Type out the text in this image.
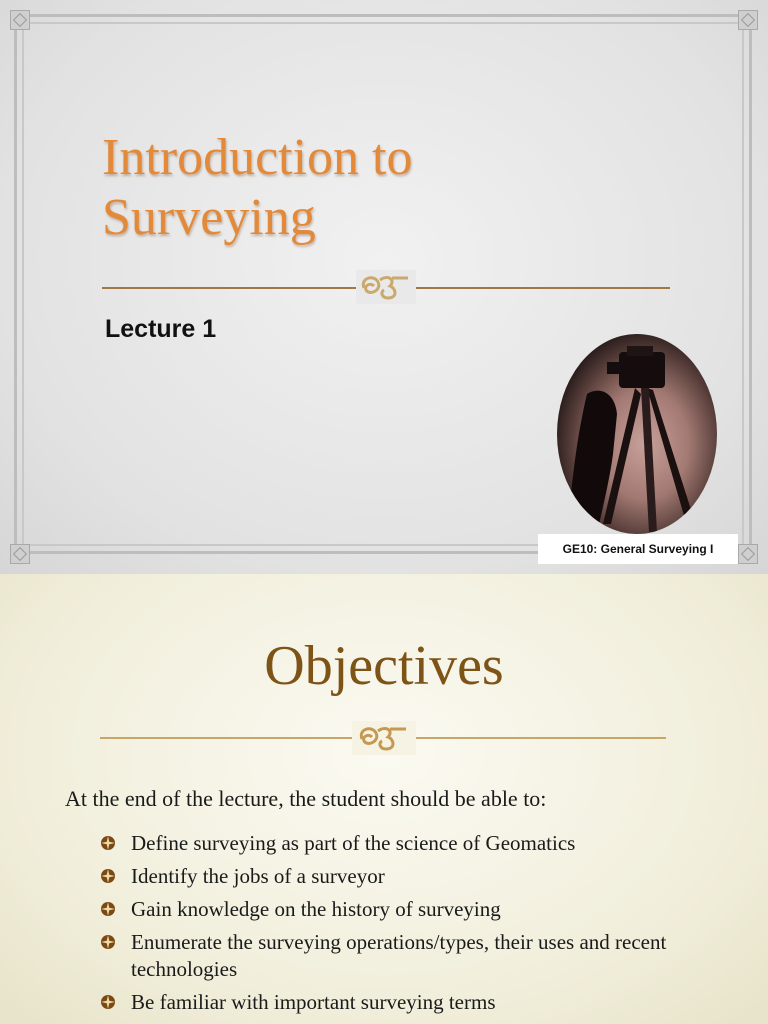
Introduction to
Surveying
Lecture 1
GE10: General Surveying I
Objectives
At the end of the lecture, the student should be able to:
Define surveying as part of the science of Geomatics
Identify the jobs of a surveyor
Gain knowledge on the history of surveying
Enumerate the surveying operations/types, their uses and recent technologies
Be familiar with important surveying terms
